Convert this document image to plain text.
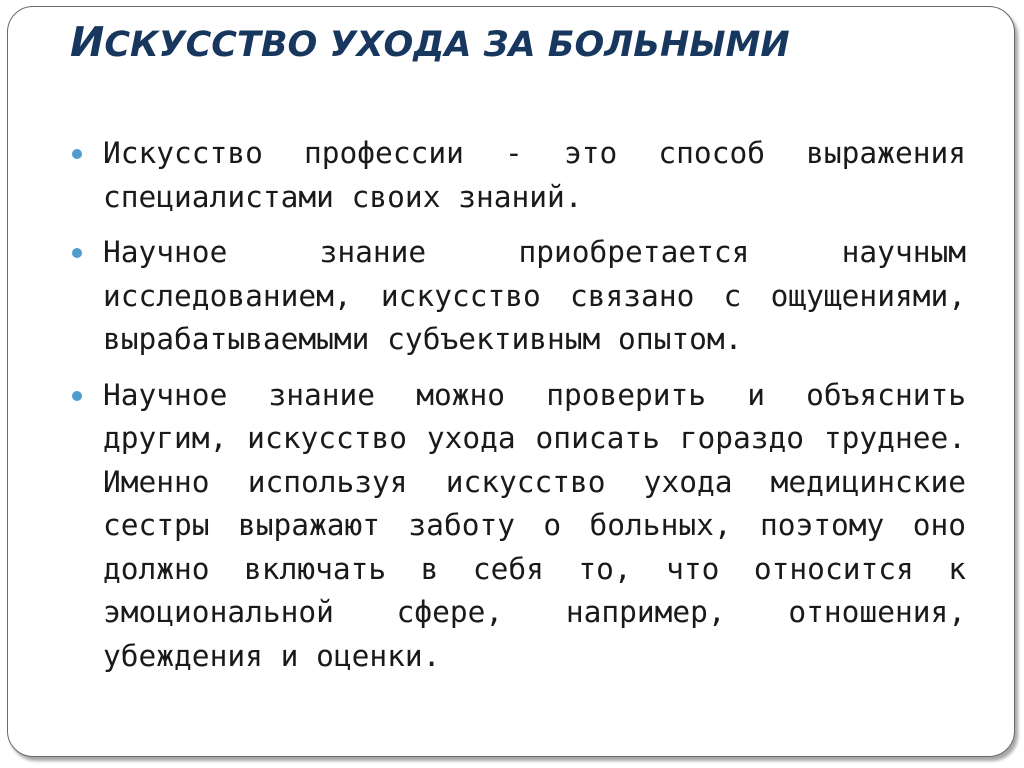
ИСКУССТВО УХОДА ЗА БОЛЬНЫМИ
Искусство профессии - это способ выражения специалистами своих знаний.
Научное знание приобретается научным исследованием, искусство связано с ощущениями, вырабатываемыми субъективным опытом.
Научное знание можно проверить и объяснить другим, искусство ухода описать гораздо труднее. Именно используя искусство ухода медицинские сестры выражают заботу о больных, поэтому оно должно включать в себя то, что относится к эмоциональной сфере, например, отношения, убеждения и оценки.
